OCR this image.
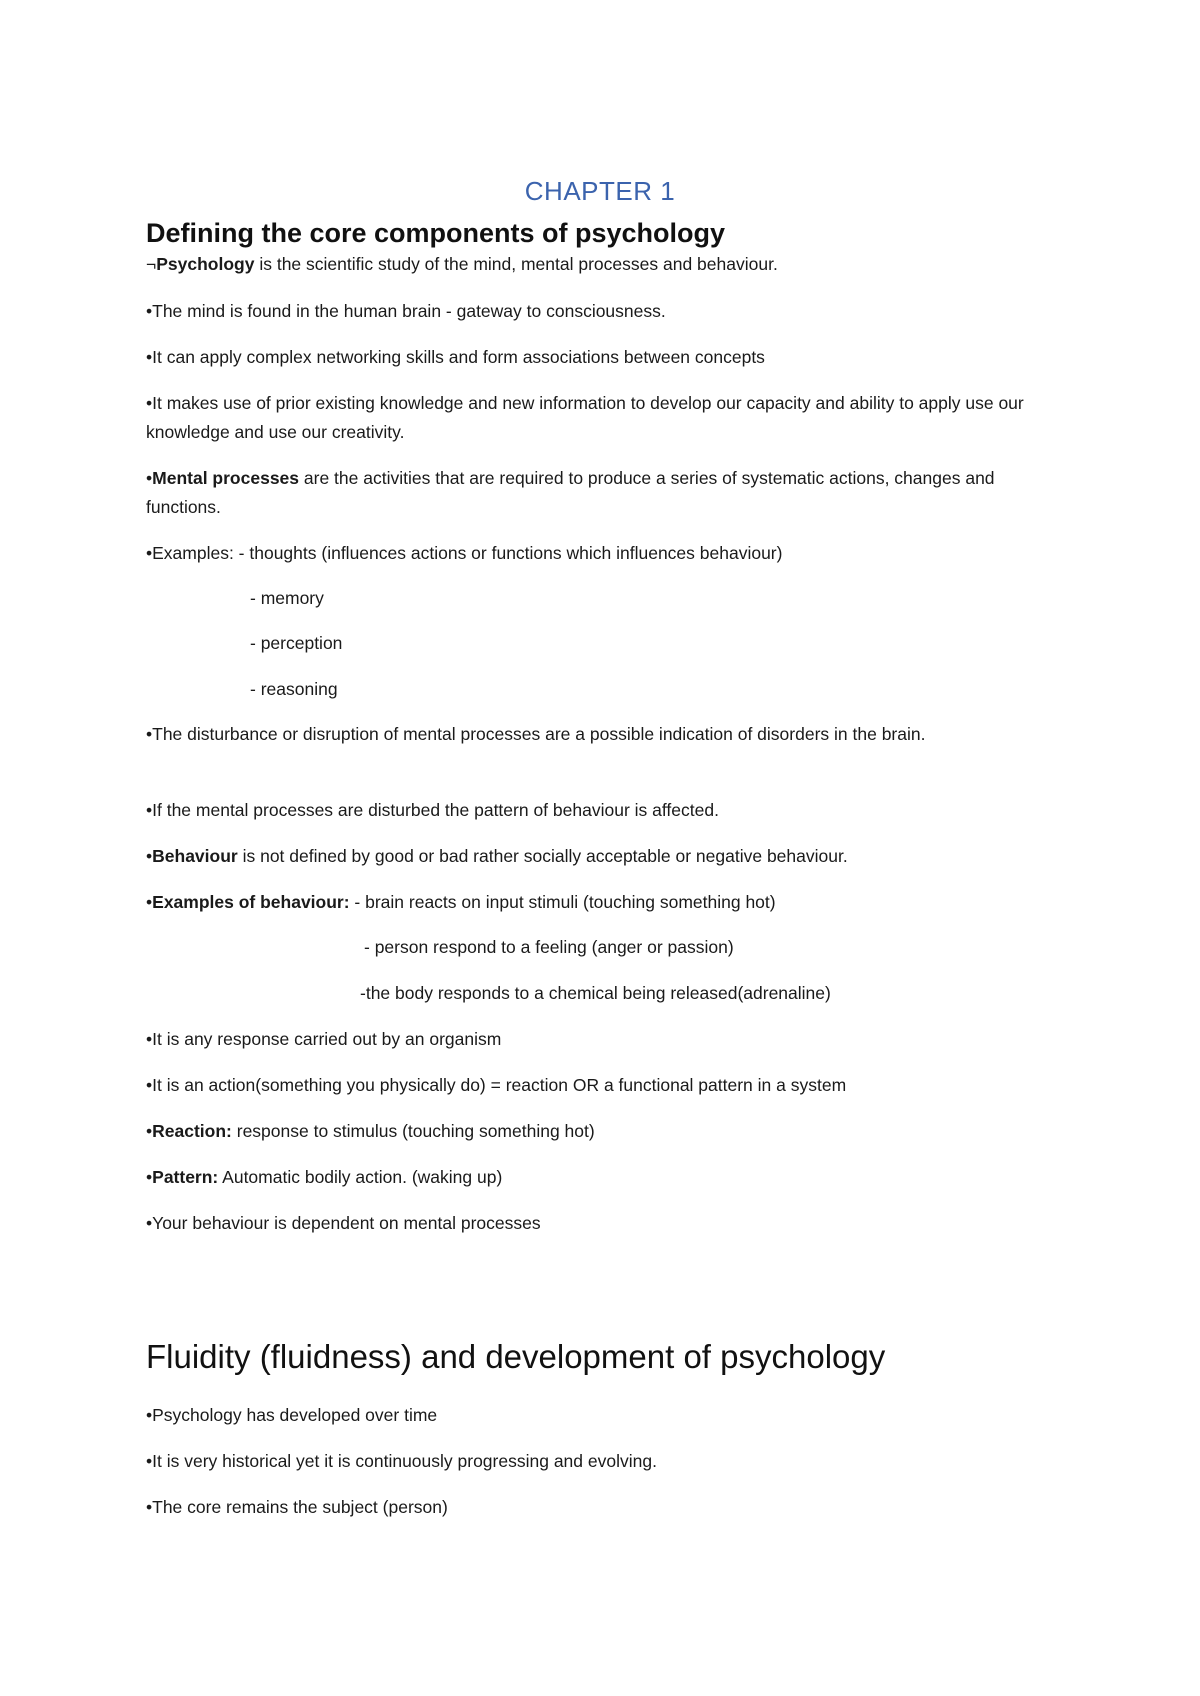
CHAPTER 1
Defining the core components of psychology
¬Psychology is the scientific study of the mind, mental processes and behaviour.
•The mind is found in the human brain - gateway to consciousness.
•It can apply complex networking skills and form associations between concepts
•It makes use of prior existing knowledge and new information to develop our capacity and ability to apply use our knowledge and use our creativity.
•Mental processes are the activities that are required to produce a series of systematic actions, changes and functions.
•Examples: - thoughts (influences actions or functions which influences behaviour)
- memory
- perception
- reasoning
•The disturbance or disruption of mental processes are a possible indication of disorders in the brain.
•If the mental processes are disturbed the pattern of behaviour is affected.
•Behaviour is not defined by good or bad rather socially acceptable or negative behaviour.
•Examples of behaviour: - brain reacts on input stimuli (touching something hot)
- person respond to a feeling (anger or passion)
-the body responds to a chemical being released(adrenaline)
•It is any response carried out by an organism
•It is an action(something you physically do) = reaction OR a functional pattern in a system
•Reaction: response to stimulus (touching something hot)
•Pattern: Automatic bodily action. (waking up)
•Your behaviour is dependent on mental processes
Fluidity (fluidness) and development of psychology
•Psychology has developed over time
•It is very historical yet it is continuously progressing and evolving.
•The core remains the subject (person)
